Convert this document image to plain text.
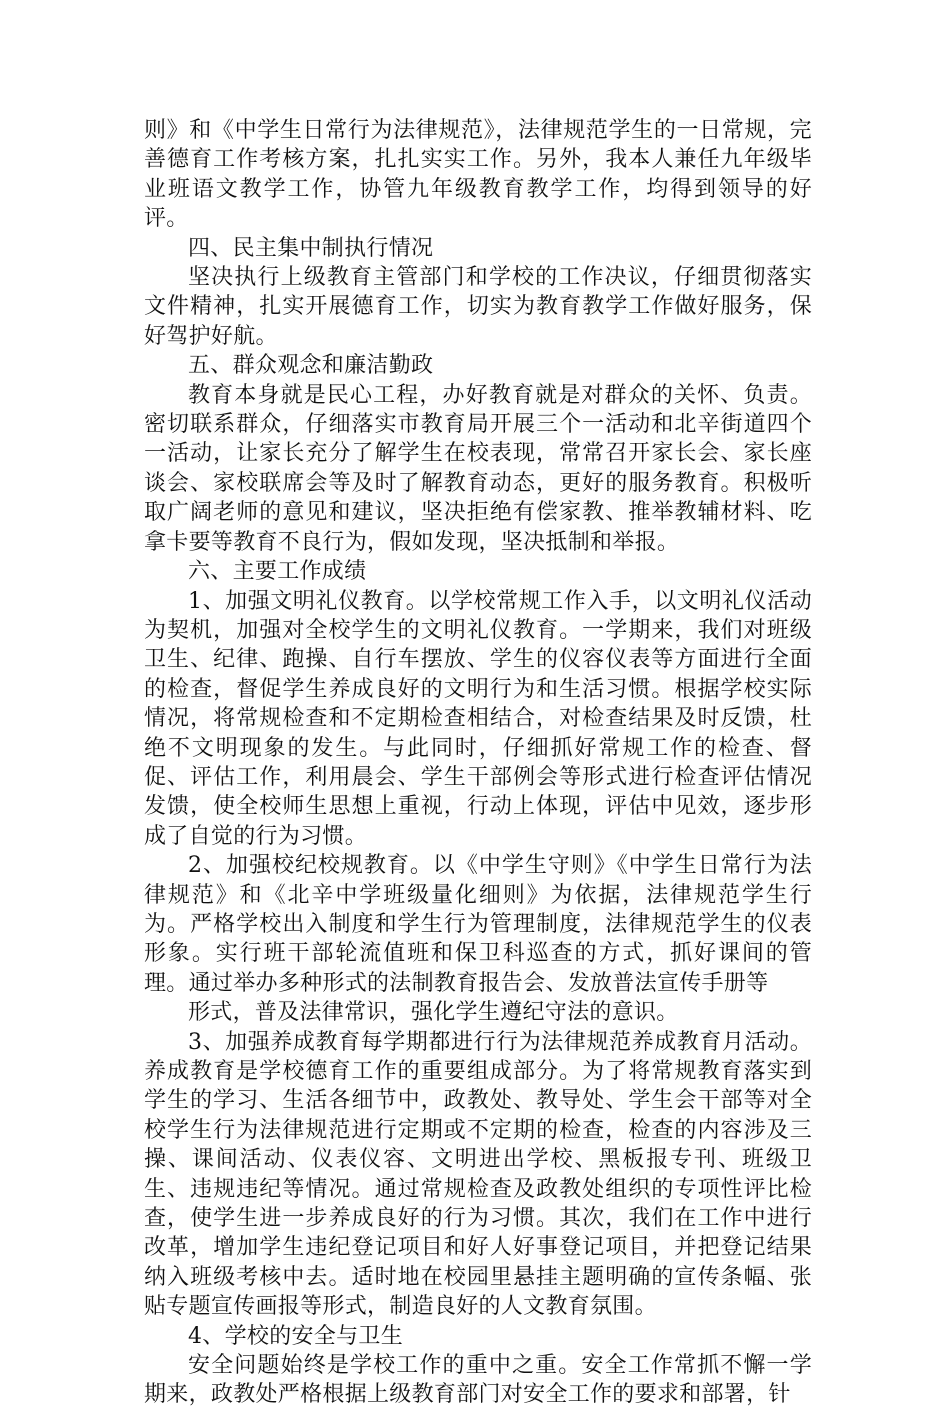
则》和《中学生日常行为法律规范》，法律规范学生的一日常规，完善德育工作考核方案，扎扎实实工作。另外，我本人兼任九年级毕业班语文教学工作，协管九年级教育教学工作，均得到领导的好评。

四、民主集中制执行情况

坚决执行上级教育主管部门和学校的工作决议，仔细贯彻落实文件精神，扎实开展德育工作，切实为教育教学工作做好服务，保好驾护好航。

五、群众观念和廉洁勤政

教育本身就是民心工程，办好教育就是对群众的关怀、负责。密切联系群众，仔细落实市教育局开展三个一活动和北辛街道四个一活动，让家长充分了解学生在校表现，常常召开家长会、家长座谈会、家校联席会等及时了解教育动态，更好的服务教育。积极听取广阔老师的意见和建议，坚决拒绝有偿家教、推举教辅材料、吃拿卡要等教育不良行为，假如发现，坚决抵制和举报。

六、主要工作成绩

1、加强文明礼仪教育。以学校常规工作入手，以文明礼仪活动为契机，加强对全校学生的文明礼仪教育。一学期来，我们对班级卫生、纪律、跑操、自行车摆放、学生的仪容仪表等方面进行全面的检查，督促学生养成良好的文明行为和生活习惯。根据学校实际情况，将常规检查和不定期检查相结合，对检查结果及时反馈，杜绝不文明现象的发生。与此同时，仔细抓好常规工作的检查、督促、评估工作，利用晨会、学生干部例会等形式进行检查评估情况发馈，使全校师生思想上重视，行动上体现，评估中见效，逐步形成了自觉的行为习惯。

2、加强校纪校规教育。以《中学生守则》《中学生日常行为法律规范》和《北辛中学班级量化细则》为依据，法律规范学生行为。严格学校出入制度和学生行为管理制度，法律规范学生的仪表形象。实行班干部轮流值班和保卫科巡查的方式，抓好课间的管理。通过举办多种形式的法制教育报告会、发放普法宣传手册等

形式，普及法律常识，强化学生遵纪守法的意识。

3、加强养成教育每学期都进行行为法律规范养成教育月活动。养成教育是学校德育工作的重要组成部分。为了将常规教育落实到学生的学习、生活各细节中，政教处、教导处、学生会干部等对全校学生行为法律规范进行定期或不定期的检查，检查的内容涉及三操、课间活动、仪表仪容、文明进出学校、黑板报专刊、班级卫生、违规违纪等情况。通过常规检查及政教处组织的专项性评比检查，使学生进一步养成良好的行为习惯。其次，我们在工作中进行改革，增加学生违纪登记项目和好人好事登记项目，并把登记结果纳入班级考核中去。适时地在校园里悬挂主题明确的宣传条幅、张贴专题宣传画报等形式，制造良好的人文教育氛围。

4、学校的安全与卫生

安全问题始终是学校工作的重中之重。安全工作常抓不懈一学期来，政教处严格根据上级教育部门对安全工作的要求和部署，针
